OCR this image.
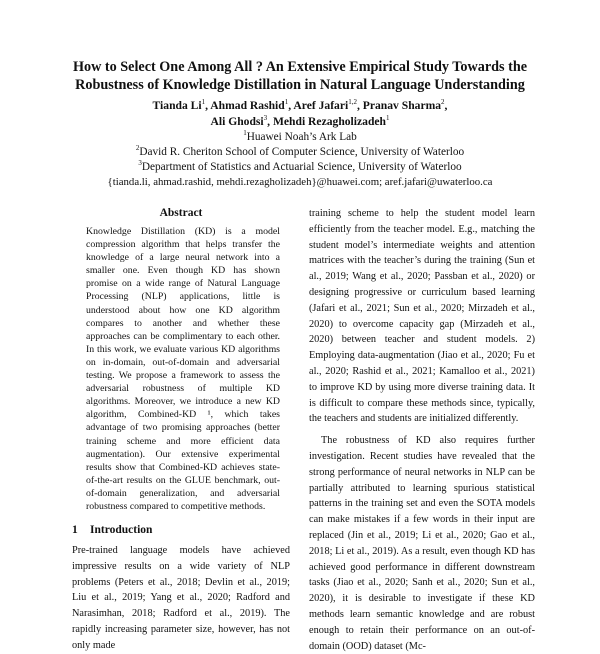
How to Select One Among All ? An Extensive Empirical Study Towards the Robustness of Knowledge Distillation in Natural Language Understanding
Tianda Li$^1$, Ahmad Rashid$^1$, Aref Jafari$^{1,2}$, Pranav Sharma$^2$,
Ali Ghodsi$^3$, Mehdi Rezagholizadeh$^1$
$^1$Huawei Noah’s Ark Lab
$^2$David R. Cheriton School of Computer Science, University of Waterloo
$^3$Department of Statistics and Actuarial Science, University of Waterloo
{tianda.li, ahmad.rashid, mehdi.rezagholizadeh}@huawei.com; aref.jafari@uwaterloo.ca
Abstract

Knowledge Distillation (KD) is a model compression algorithm that helps transfer the knowledge of a large neural network into a smaller one. Even though KD has shown promise on a wide range of Natural Language Processing (NLP) applications, little is understood about how one KD algorithm compares to another and whether these approaches can be complimentary to each other. In this work, we evaluate various KD algorithms on in-domain, out-of-domain and adversarial testing. We propose a framework to assess the adversarial robustness of multiple KD algorithms. Moreover, we introduce a new KD algorithm, Combined-KD ¹, which takes advantage of two promising approaches (better training scheme and more efficient data augmentation). Our extensive experimental results show that Combined-KD achieves state-of-the-art results on the GLUE benchmark, out-of-domain generalization, and adversarial robustness compared to competitive methods.

1 Introduction

Pre-trained language models have achieved impressive results on a wide variety of NLP problems (Peters et al., 2018; Devlin et al., 2019; Liu et al., 2019; Yang et al., 2020; Radford and Narasimhan, 2018; Radford et al., 2019). The rapidly increasing parameter size, however, has not only made

training scheme to help the student model learn efficiently from the teacher model. E.g., matching the student model’s intermediate weights and attention matrices with the teacher’s during the training (Sun et al., 2019; Wang et al., 2020; Passban et al., 2020) or designing progressive or curriculum based learning (Jafari et al., 2021; Sun et al., 2020; Mirzadeh et al., 2020) to overcome capacity gap (Mirzadeh et al., 2020) between teacher and student models. 2) Employing data-augmentation (Jiao et al., 2020; Fu et al., 2020; Rashid et al., 2021; Kamalloo et al., 2021) to improve KD by using more diverse training data. It is difficult to compare these methods since, typically, the teachers and students are initialized differently.

The robustness of KD also requires further investigation. Recent studies have revealed that the strong performance of neural networks in NLP can be partially attributed to learning spurious statistical patterns in the training set and even the SOTA models can make mistakes if a few words in their input are replaced (Jin et al., 2019; Li et al., 2020; Gao et al., 2018; Li et al., 2019). As a result, even though KD has achieved good performance in different downstream tasks (Jiao et al., 2020; Sanh et al., 2020; Sun et al., 2020), it is desirable to investigate if these KD methods learn semantic knowledge and are robust enough to retain their performance on an out-of-domain (OOD) dataset (Mc-
